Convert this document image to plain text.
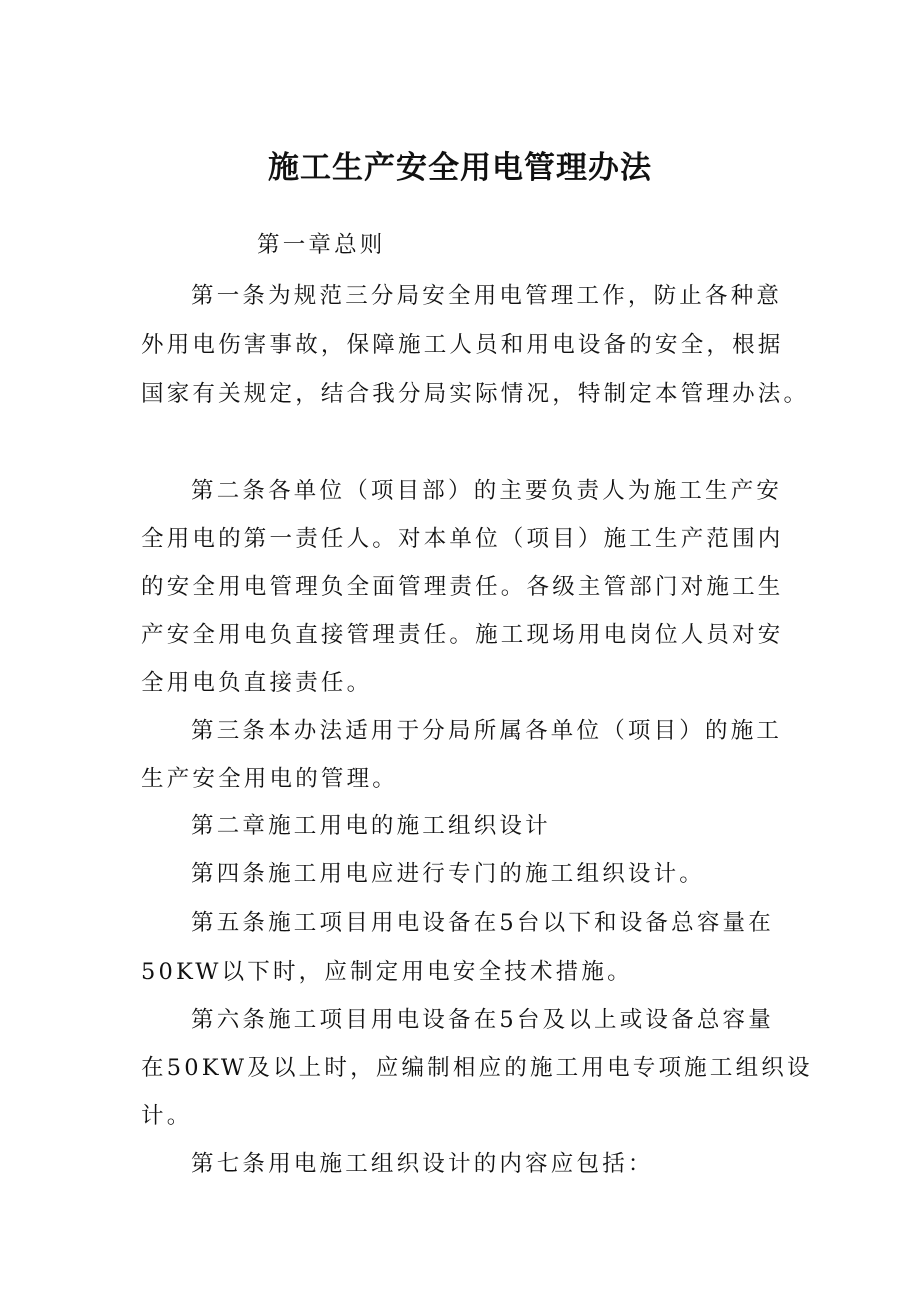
施工生产安全用电管理办法
第一章总则
第一条为规范三分局安全用电管理工作，防止各种意
外用电伤害事故，保障施工人员和用电设备的安全，根据
国家有关规定，结合我分局实际情况，特制定本管理办法。
第二条各单位（项目部）的主要负责人为施工生产安
全用电的第一责任人。对本单位（项目）施工生产范围内
的安全用电管理负全面管理责任。各级主管部门对施工生
产安全用电负直接管理责任。施工现场用电岗位人员对安
全用电负直接责任。
第三条本办法适用于分局所属各单位（项目）的施工
生产安全用电的管理。
第二章施工用电的施工组织设计
第四条施工用电应进行专门的施工组织设计。
第五条施工项目用电设备在5台以下和设备总容量在
50KW以下时，应制定用电安全技术措施。
第六条施工项目用电设备在5台及以上或设备总容量
在50KW及以上时，应编制相应的施工用电专项施工组织设
计。
第七条用电施工组织设计的内容应包括：
